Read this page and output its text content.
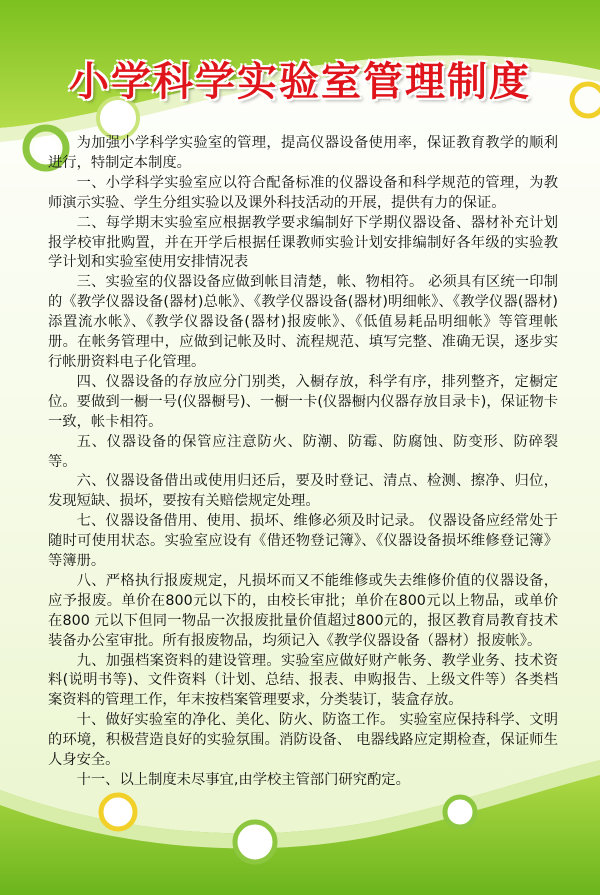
小学科学实验室管理制度

为加强小学科学实验室的管理，提高仪器设备使用率，保证教育教学的顺利进行，特制定本制度。

一、小学科学实验室应以符合配备标准的仪器设备和科学规范的管理，为教师演示实验、学生分组实验以及课外科技活动的开展，提供有力的保证。

二、每学期末实验室应根据教学要求编制好下学期仪器设备、器材补充计划报学校审批购置，并在开学后根据任课教师实验计划安排编制好各年级的实验教学计划和实验室使用安排情况表

三、实验室的仪器设备应做到帐目清楚，帐、物相符。 必须具有区统一印制的《教学仪器设备(器材)总帐》、《教学仪器设备(器材)明细帐》、《教学仪器(器材)添置流水帐》、《教学仪器设备(器材)报废帐》、《低值易耗品明细帐》等管理帐册。在帐务管理中，应做到记帐及时、流程规范、填写完整、准确无误，逐步实行帐册资料电子化管理。

四、仪器设备的存放应分门别类，入橱存放，科学有序，排列整齐，定橱定位。要做到一橱一号(仪器橱号)、一橱一卡(仪器橱内仪器存放目录卡)，保证物卡一致，帐卡相符。

五、仪器设备的保管应注意防火、防潮、防霉、防腐蚀、防变形、防碎裂等。

六、仪器设备借出或使用归还后，要及时登记、清点、检测、擦净、归位，发现短缺、损坏，要按有关赔偿规定处理。

七、仪器设备借用、使用、损坏、维修必须及时记录。 仪器设备应经常处于随时可使用状态。实验室应设有《借还物登记簿》、《仪器设备损坏维修登记簿》等簿册。

八、严格执行报废规定，凡损坏而又不能维修或失去维修价值的仪器设备，应予报废。单价在800元以下的，由校长审批；单价在800元以上物品，或单价在800 元以下但同一物品一次报废批量价值超过800元的，报区教育局教育技术装备办公室审批。所有报废物品，均须记入《教学仪器设备（器材）报废帐》。

九、加强档案资料的建设管理。实验室应做好财产帐务、教学业务、技术资料(说明书等)、文件资料（计划、总结、报表、申购报告、上级文件等）各类档案资料的管理工作，年末按档案管理要求，分类装订，装盒存放。

十、做好实验室的净化、美化、防火、防盗工作。 实验室应保持科学、文明的环境，积极营造良好的实验氛围。消防设备、 电器线路应定期检查，保证师生人身安全。

十一、以上制度未尽事宜,由学校主管部门研究酌定。
